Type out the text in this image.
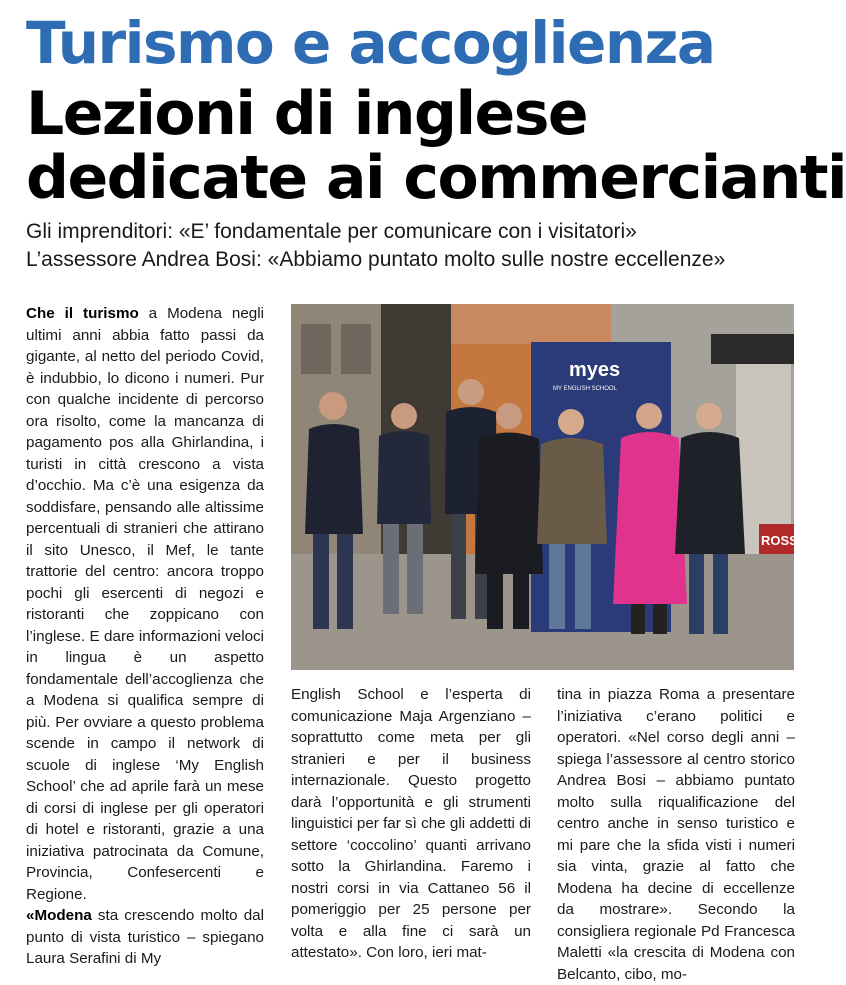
Turismo e accoglienza
Lezioni di inglese
dedicate ai commercianti
Gli imprenditori: «E’ fondamentale per comunicare con i visitatori»
L’assessore Andrea Bosi: «Abbiamo puntato molto sulle nostre eccellenze»

Che il turismo a Modena negli ultimi anni abbia fatto passi da gigante, al netto del periodo Covid, è indubbio, lo dicono i numeri. Pur con qualche incidente di percorso ora risolto, come la mancanza di pagamento pos alla Ghirlandina, i turisti in città crescono a vista d’occhio. Ma c’è una esigenza da soddisfare, pensando alle altissime percentuali di stranieri che attirano il sito Unesco, il Mef, le tante trattorie del centro: ancora troppo pochi gli esercenti di negozi e ristoranti che zoppicano con l’inglese. E dare informazioni veloci in lingua è un aspetto fondamentale dell’accoglienza che a Modena si qualifica sempre di più. Per ovviare a questo problema scende in campo il network di scuole di inglese ‘My English School’ che ad aprile farà un mese di corsi di inglese per gli operatori di hotel e ristoranti, grazie a una iniziativa patrocinata da Comune, Provincia, Confesercenti e Regione.

«Modena sta crescendo molto dal punto di vista turistico – spiegano Laura Serafini di My

myes
MY ENGLISH SCHOOL
ROSS

English School e l’esperta di comunicazione Maja Argenziano – soprattutto come meta per gli stranieri e per il business internazionale. Questo progetto darà l’opportunità e gli strumenti linguistici per far sì che gli addetti di settore ‘coccolino’ quanti arrivano sotto la Ghirlandina. Faremo i nostri corsi in via Cattaneo 56 il pomeriggio per 25 persone per volta e alla fine ci sarà un attestato». Con loro, ieri mat-

tina in piazza Roma a presentare l’iniziativa c’erano politici e operatori. «Nel corso degli anni – spiega l’assessore al centro storico Andrea Bosi – abbiamo puntato molto sulla riqualificazione del centro anche in senso turistico e mi pare che la sfida visti i numeri sia vinta, grazie al fatto che Modena ha decine di eccellenze da mostrare». Secondo la consigliera regionale Pd Francesca Maletti «la crescita di Modena con Belcanto, cibo, mo-
